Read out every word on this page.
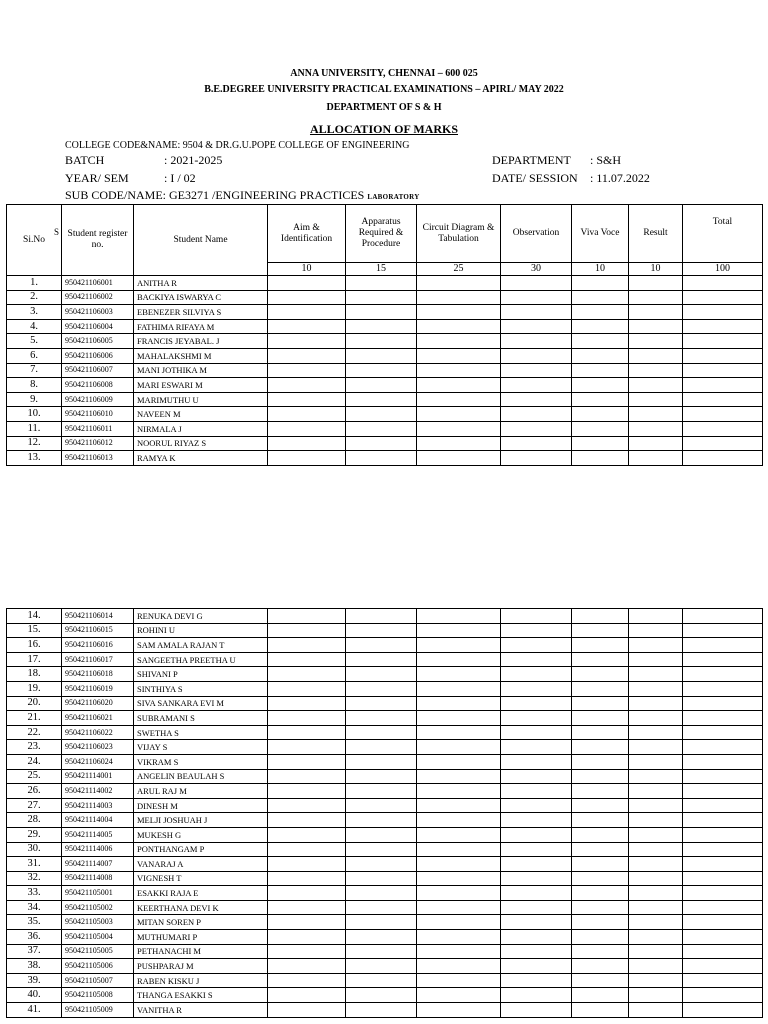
ANNA UNIVERSITY, CHENNAI – 600 025
B.E.DEGREE UNIVERSITY PRACTICAL EXAMINATIONS – APIRL/ MAY 2022
DEPARTMENT OF S & H
ALLOCATION OF MARKS
COLLEGE CODE&NAME: 9504 & DR.G.U.POPE COLLEGE OF ENGINEERING
BATCH	: 2021-2025	DEPARTMENT : S&H
YEAR/ SEM	: I / 02	DATE/ SESSION : 11.07.2022
SUB CODE/NAME: GE3271 /ENGINEERING PRACTICES LABORATORY
S
Si.No	Student register no.	Student Name	Aim & Identification	Apparatus Required & Procedure	Circuit Diagram & Tabulation	Observation	Viva Voce	Result	Total
			10	15	25	30	10	10	100
1.	950421106001	ANITHA R							
2.	950421106002	BACKIYA ISWARYA C							
3.	950421106003	EBENEZER SILVIYA S							
4.	950421106004	FATHIMA RIFAYA M							
5.	950421106005	FRANCIS JEYABAL. J							
6.	950421106006	MAHALAKSHMI M							
7.	950421106007	MANI JOTHIKA M							
8.	950421106008	MARI ESWARI M							
9.	950421106009	MARIMUTHU U							
10.	950421106010	NAVEEN M							
11.	950421106011	NIRMALA J							
12.	950421106012	NOORUL RIYAZ S							
13.	950421106013	RAMYA K							
14.	950421106014	RENUKA DEVI G							
15.	950421106015	ROHINI U							
16.	950421106016	SAM AMALA RAJAN T							
17.	950421106017	SANGEETHA PREETHA U							
18.	950421106018	SHIVANI P							
19.	950421106019	SINTHIYA S							
20.	950421106020	SIVA SANKARA EVI M							
21.	950421106021	SUBRAMANI S							
22.	950421106022	SWETHA S							
23.	950421106023	VIJAY S							
24.	950421106024	VIKRAM S							
25.	950421114001	ANGELIN BEAULAH S							
26.	950421114002	ARUL RAJ M							
27.	950421114003	DINESH M							
28.	950421114004	MELJI JOSHUAH J							
29.	950421114005	MUKESH G							
30.	950421114006	PONTHANGAM P							
31.	950421114007	VANARAJ A							
32.	950421114008	VIGNESH T							
33.	950421105001	ESAKKI RAJA E							
34.	950421105002	KEERTHANA DEVI K							
35.	950421105003	MITAN SOREN P							
36.	950421105004	MUTHUMARI P							
37.	950421105005	PETHANACHI M							
38.	950421105006	PUSHPARAJ M							
39.	950421105007	RABEN KISKU J							
40.	950421105008	THANGA ESAKKI S							
41.	950421105009	VANITHA R							
